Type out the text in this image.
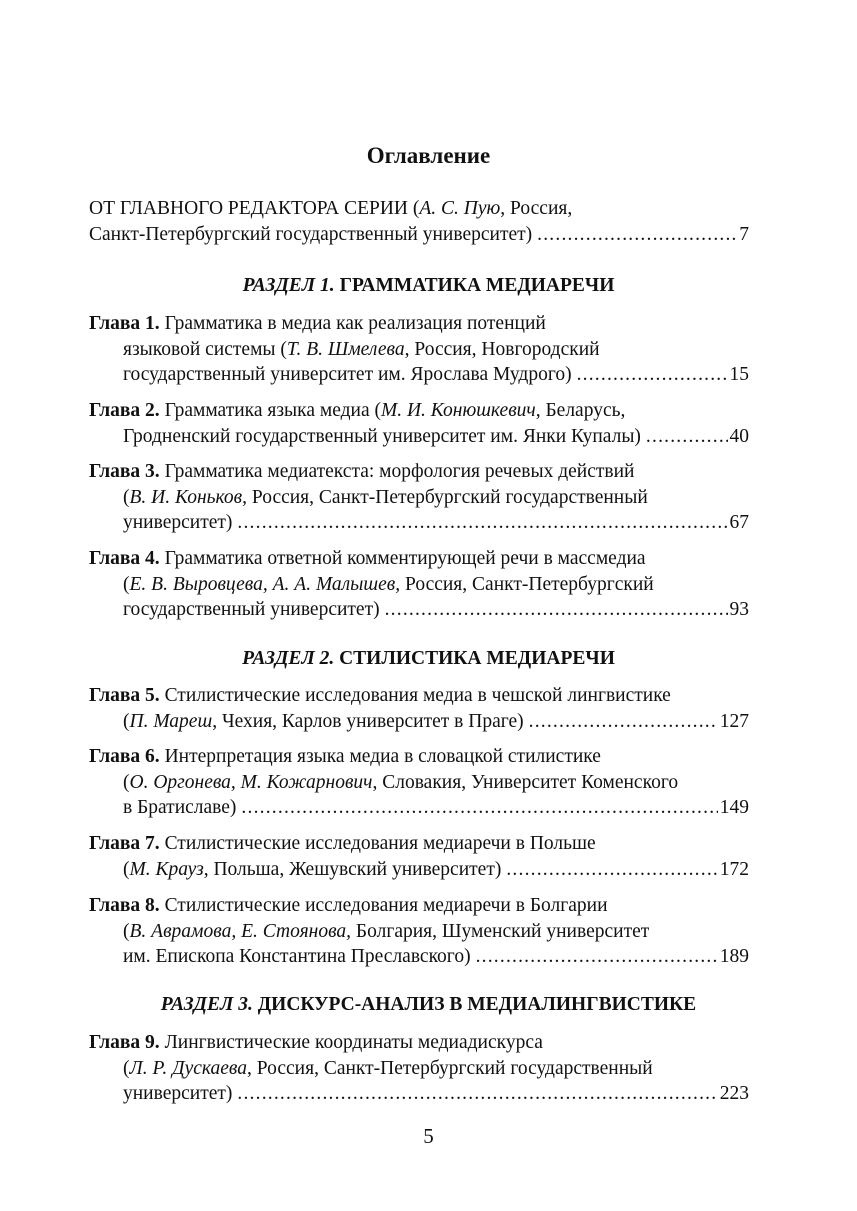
Оглавление
ОТ ГЛАВНОГО РЕДАКТОРА СЕРИИ (А. С. Пую, Россия,
Санкт-Петербургский государственный университет) .....	7
РАЗДЕЛ 1. ГРАММАТИКА МЕДИАРЕЧИ
Глава 1. Грамматика в медиа как реализация потенций
языковой системы (Т. В. Шмелева, Россия, Новгородский
государственный университет им. Ярослава Мудрого) .....	15
Глава 2. Грамматика языка медиа (М. И. Конюшкевич, Беларусь,
Гродненский государственный университет им. Янки Купалы) .....	40
Глава 3. Грамматика медиатекста: морфология речевых действий
(В. И. Коньков, Россия, Санкт-Петербургский государственный
университет) .....	67
Глава 4. Грамматика ответной комментирующей речи в массмедиа
(Е. В. Выровцева, А. А. Малышев, Россия, Санкт-Петербургский
государственный университет) .....	93
РАЗДЕЛ 2. СТИЛИСТИКА МЕДИАРЕЧИ
Глава 5. Стилистические исследования медиа в чешской лингвистике
(П. Мареш, Чехия, Карлов университет в Праге) .....	127
Глава 6. Интерпретация языка медиа в словацкой стилистике
(О. Оргонева, М. Кожарнович, Словакия, Университет Коменского
в Братиславе) .....	149
Глава 7. Стилистические исследования медиаречи в Польше
(М. Крауз, Польша, Жешувский университет) .....	172
Глава 8. Стилистические исследования медиаречи в Болгарии
(В. Аврамова, Е. Стоянова, Болгария, Шуменский университет
им. Епископа Константина Преславского) .....	189
РАЗДЕЛ 3. ДИСКУРС-АНАЛИЗ В МЕДИАЛИНГВИСТИКЕ
Глава 9. Лингвистические координаты медиадискурса
(Л. Р. Дускаева, Россия, Санкт-Петербургский государственный
университет) .....	223
5
